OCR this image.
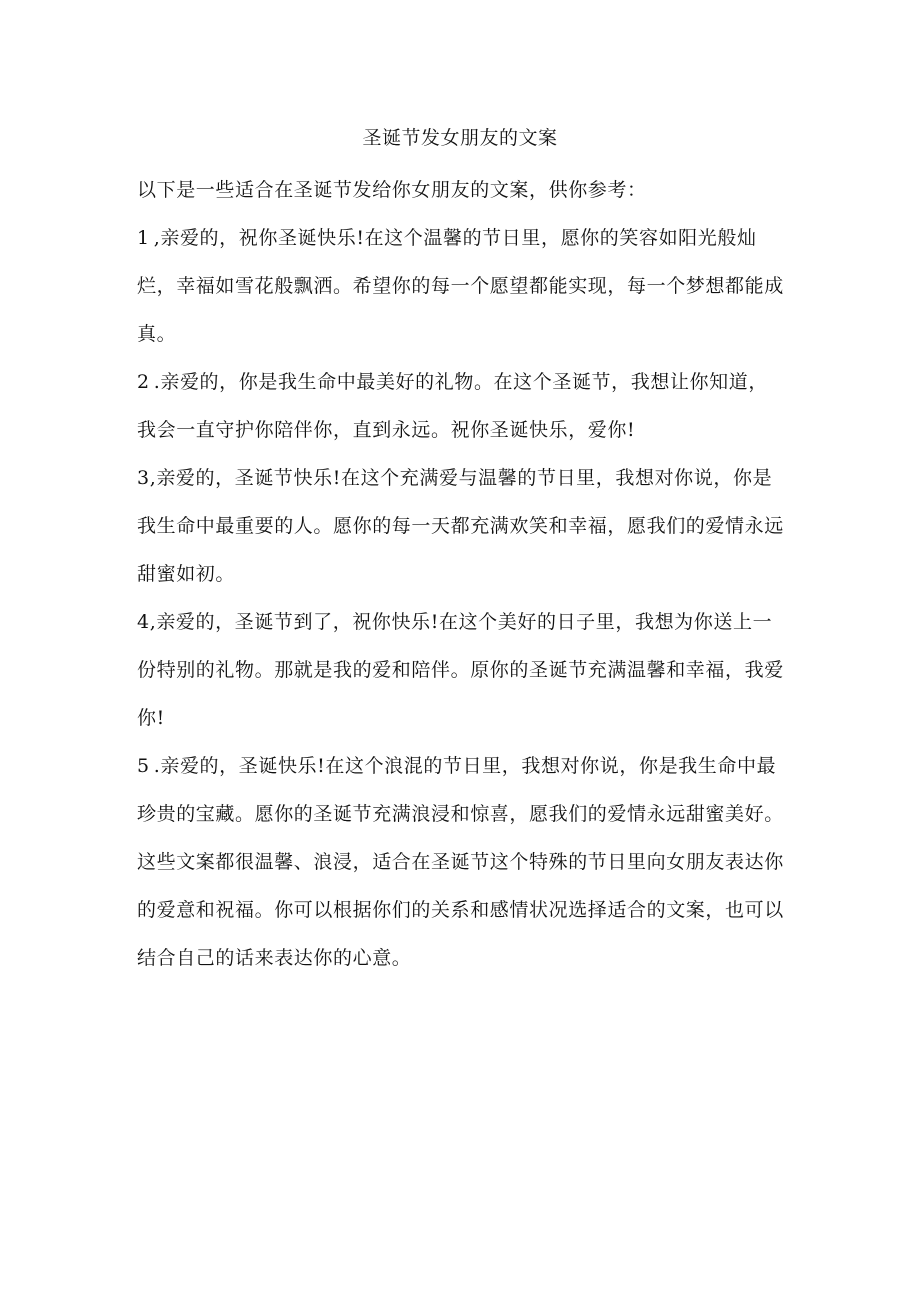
圣诞节发女朋友的文案

以下是一些适合在圣诞节发给你女朋友的文案，供你参考：

1 ,亲爱的，祝你圣诞快乐!在这个温馨的节日里，愿你的笑容如阳光般灿烂，幸福如雪花般飘洒。希望你的每一个愿望都能实现，每一个梦想都能成真。

2 .亲爱的，你是我生命中最美好的礼物。在这个圣诞节，我想让你知道，我会一直守护你陪伴你，直到永远。祝你圣诞快乐，爱你!

3,亲爱的，圣诞节快乐!在这个充满爱与温馨的节日里，我想对你说，你是我生命中最重要的人。愿你的每一天都充满欢笑和幸福，愿我们的爱情永远甜蜜如初。

4,亲爱的，圣诞节到了，祝你快乐!在这个美好的日子里，我想为你送上一份特别的礼物。那就是我的爱和陪伴。原你的圣诞节充满温馨和幸福，我爱你!

5 .亲爱的，圣诞快乐!在这个浪混的节日里，我想对你说，你是我生命中最珍贵的宝藏。愿你的圣诞节充满浪浸和惊喜，愿我们的爱情永远甜蜜美好。

这些文案都很温馨、浪浸，适合在圣诞节这个特殊的节日里向女朋友表达你的爱意和祝福。你可以根据你们的关系和感情状况选择适合的文案，也可以结合自己的话来表达你的心意。
